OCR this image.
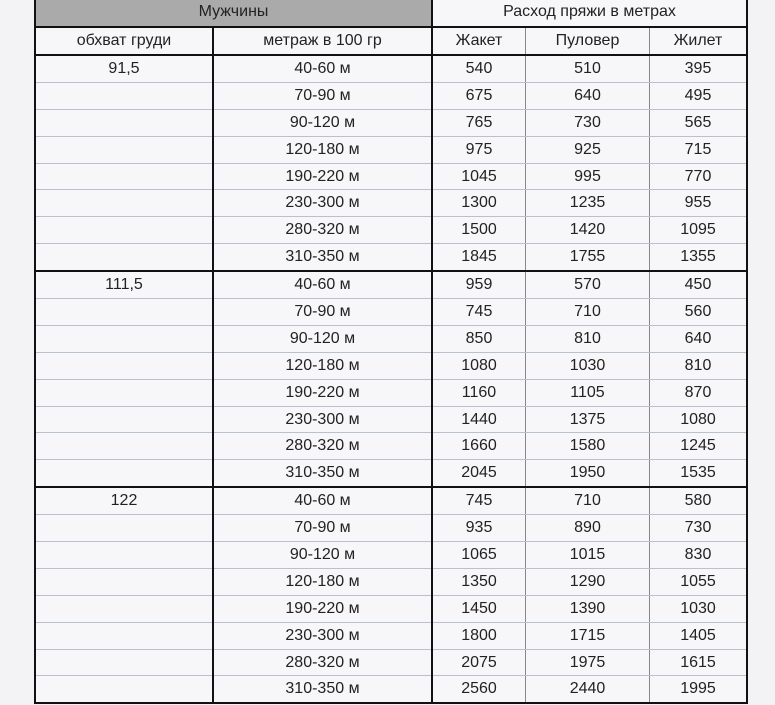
Мужчины		Расход пряжи в метрах		
обхват груди	метраж в 100 гр	Жакет	Пуловер	Жилет
91,5	40-60 м	540	510	395
	70-90 м	675	640	495
	90-120 м	765	730	565
	120-180 м	975	925	715
	190-220 м	1045	995	770
	230-300 м	1300	1235	955
	280-320 м	1500	1420	1095
	310-350 м	1845	1755	1355
111,5	40-60 м	959	570	450
	70-90 м	745	710	560
	90-120 м	850	810	640
	120-180 м	1080	1030	810
	190-220 м	1160	1105	870
	230-300 м	1440	1375	1080
	280-320 м	1660	1580	1245
	310-350 м	2045	1950	1535
122	40-60 м	745	710	580
	70-90 м	935	890	730
	90-120 м	1065	1015	830
	120-180 м	1350	1290	1055
	190-220 м	1450	1390	1030
	230-300 м	1800	1715	1405
	280-320 м	2075	1975	1615
	310-350 м	2560	2440	1995
